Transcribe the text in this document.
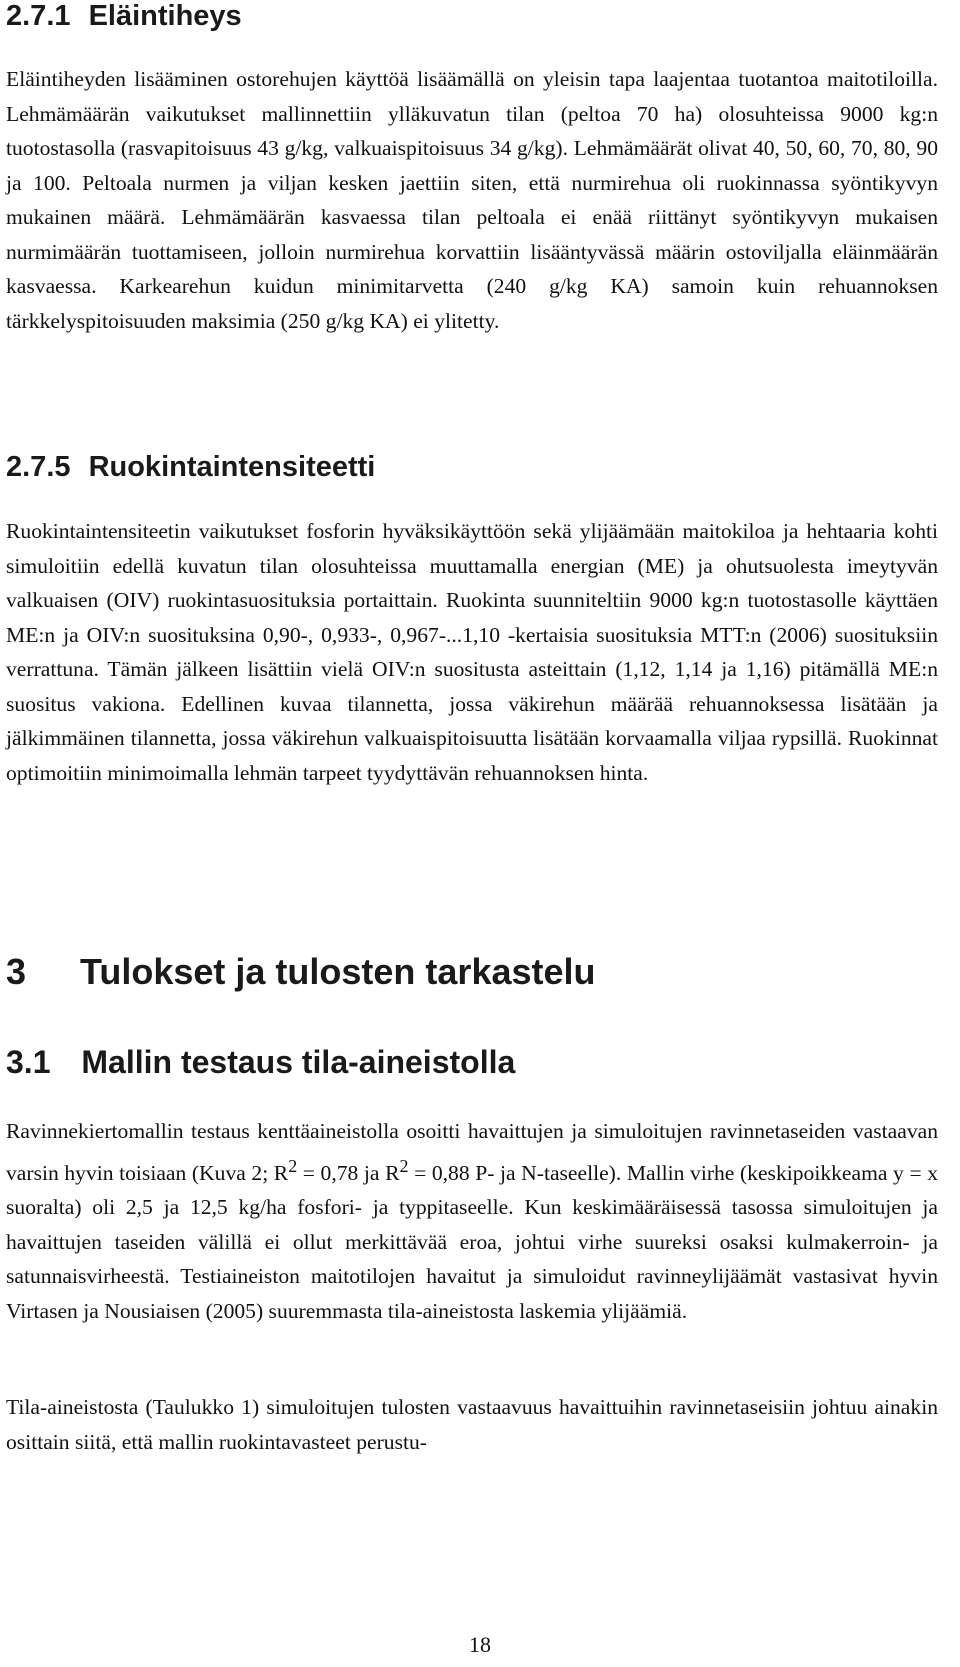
2.7.1 Eläintiheys

Eläintiheyden lisääminen ostorehujen käyttöä lisäämällä on yleisin tapa laajentaa tuotantoa maitotiloilla. Lehmämäärän vaikutukset mallinnettiin ylläkuvatun tilan (peltoa 70 ha) olosuhteissa 9000 kg:n tuotostasolla (rasvapitoisuus 43 g/kg, valkuaispitoisuus 34 g/kg). Lehmämäärät olivat 40, 50, 60, 70, 80, 90 ja 100. Peltoala nurmen ja viljan kesken jaettiin siten, että nurmirehua oli ruokinnassa syöntikyvyn mukainen määrä. Lehmämäärän kasvaessa tilan peltoala ei enää riittänyt syöntikyvyn mukaisen nurmimäärän tuottamiseen, jolloin nurmirehua korvattiin lisääntyvässä määrin ostoviljalla eläinmäärän kasvaessa. Karkearehun kuidun minimitarvetta (240 g/kg KA) samoin kuin rehuannoksen tärkkelyspitoisuuden maksimia (250 g/kg KA) ei ylitetty.

2.7.5 Ruokintaintensiteetti

Ruokintaintensiteetin vaikutukset fosforin hyväksikäyttöön sekä ylijäämään maitokiloa ja hehtaaria kohti simuloitiin edellä kuvatun tilan olosuhteissa muuttamalla energian (ME) ja ohutsuolesta imeytyvän valkuaisen (OIV) ruokintasuosituksia portaittain. Ruokinta suunniteltiin 9000 kg:n tuotostasolle käyttäen ME:n ja OIV:n suosituksina 0,90-, 0,933-, 0,967-...1,10 -kertaisia suosituksia MTT:n (2006) suosituksiin verrattuna. Tämän jälkeen lisättiin vielä OIV:n suositusta asteittain (1,12, 1,14 ja 1,16) pitämällä ME:n suositus vakiona. Edellinen kuvaa tilannetta, jossa väkirehun määrää rehuannoksessa lisätään ja jälkimmäinen tilannetta, jossa väkirehun valkuaispitoisuutta lisätään korvaamalla viljaa rypsillä. Ruokinnat optimoitiin minimoimalla lehmän tarpeet tyydyttävän rehuannoksen hinta.

3 Tulokset ja tulosten tarkastelu
3.1 Mallin testaus tila-aineistolla

Ravinnekiertomallin testaus kenttäaineistolla osoitti havaittujen ja simuloitujen ravinnetaseiden vastaavan varsin hyvin toisiaan (Kuva 2; $R^2 = 0,78$ ja $R^2 = 0,88$ P- ja N-taseelle). Mallin virhe (keskipoikkeama y = x suoralta) oli 2,5 ja 12,5 kg/ha fosfori- ja typpitaseelle. Kun keskimääräisessä tasossa simuloitujen ja havaittujen taseiden välillä ei ollut merkittävää eroa, johtui virhe suureksi osaksi kulmakerroin- ja satunnaisvirheestä. Testiaineiston maitotilojen havaitut ja simuloidut ravinneylijäämät vastasivat hyvin Virtasen ja Nousiaisen (2005) suuremmasta tila-aineistosta laskemia ylijäämiä.

Tila-aineistosta (Taulukko 1) simuloitujen tulosten vastaavuus havaittuihin ravinnetaseisiin johtuu ainakin osittain siitä, että mallin ruokintavasteet perustu-

18
